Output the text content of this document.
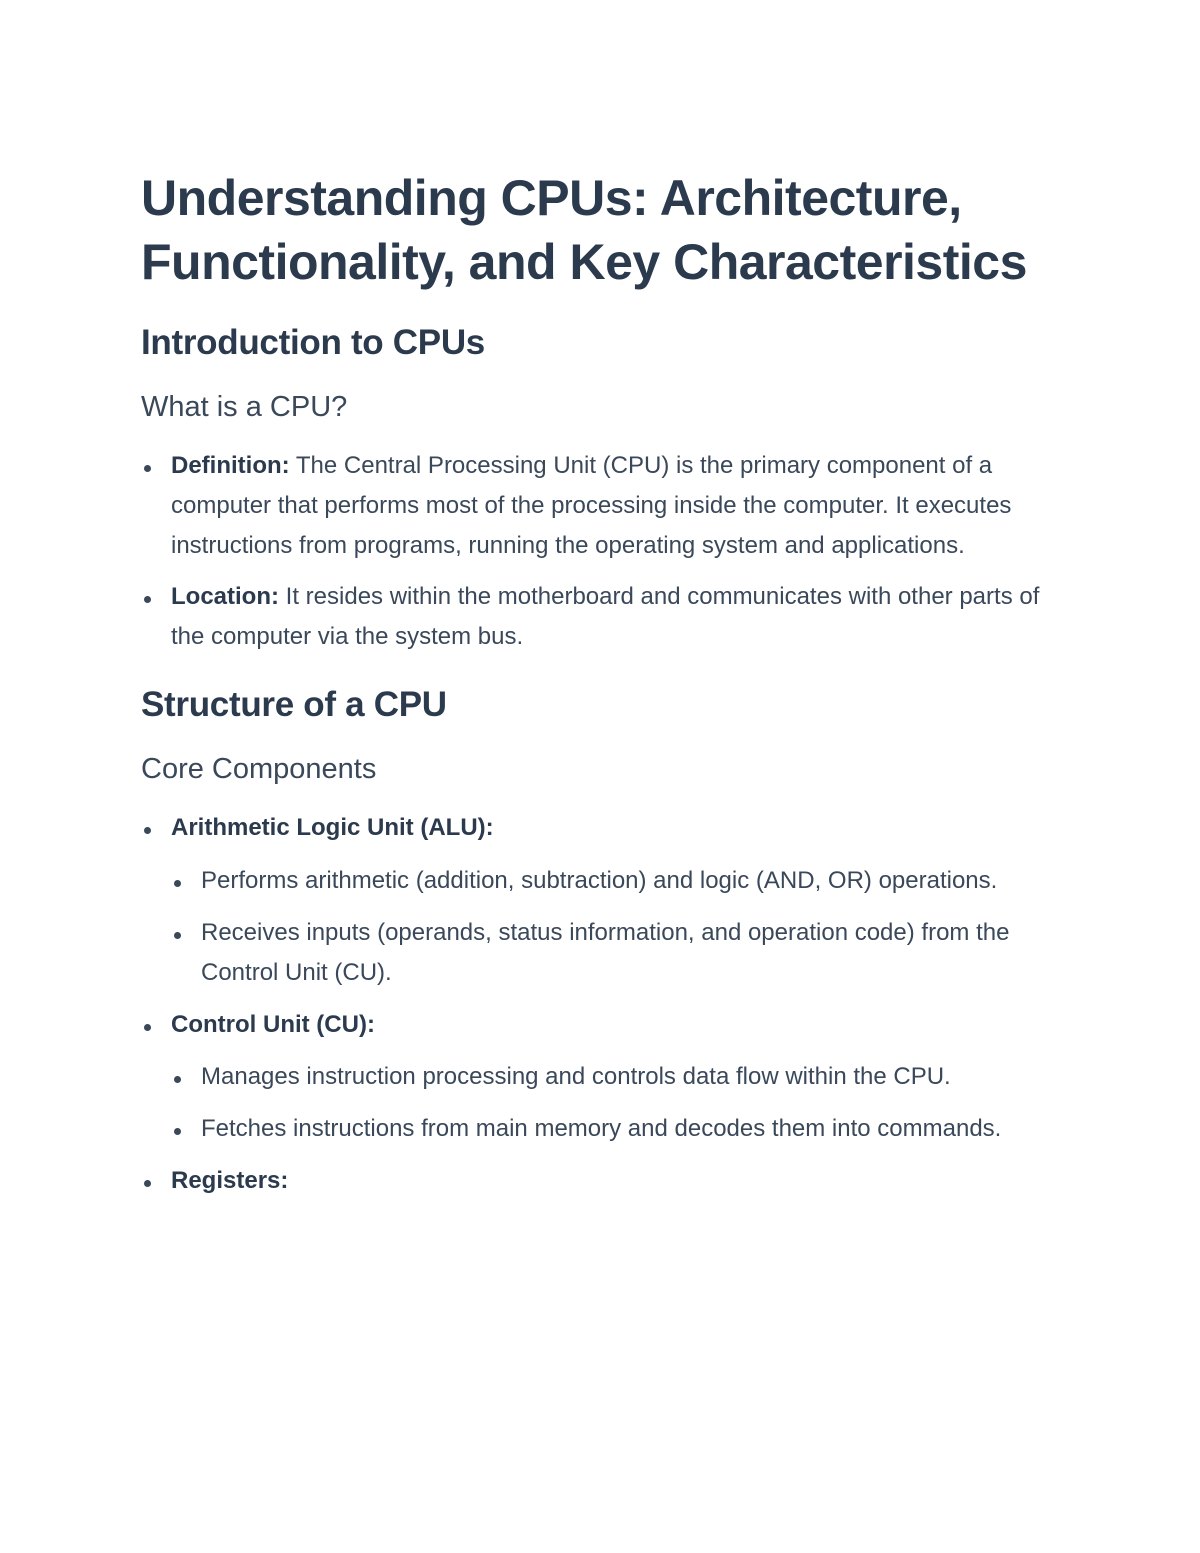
Understanding CPUs: Architecture,
Functionality, and Key Characteristics
Introduction to CPUs
What is a CPU?
Definition: The Central Processing Unit (CPU) is the primary component of a computer that performs most of the processing inside the computer. It executes instructions from programs, running the operating system and applications.
Location: It resides within the motherboard and communicates with other parts of the computer via the system bus.
Structure of a CPU
Core Components
Arithmetic Logic Unit (ALU):
Performs arithmetic (addition, subtraction) and logic (AND, OR) operations.
Receives inputs (operands, status information, and operation code) from the Control Unit (CU).
Control Unit (CU):
Manages instruction processing and controls data flow within the CPU.
Fetches instructions from main memory and decodes them into commands.
Registers:
